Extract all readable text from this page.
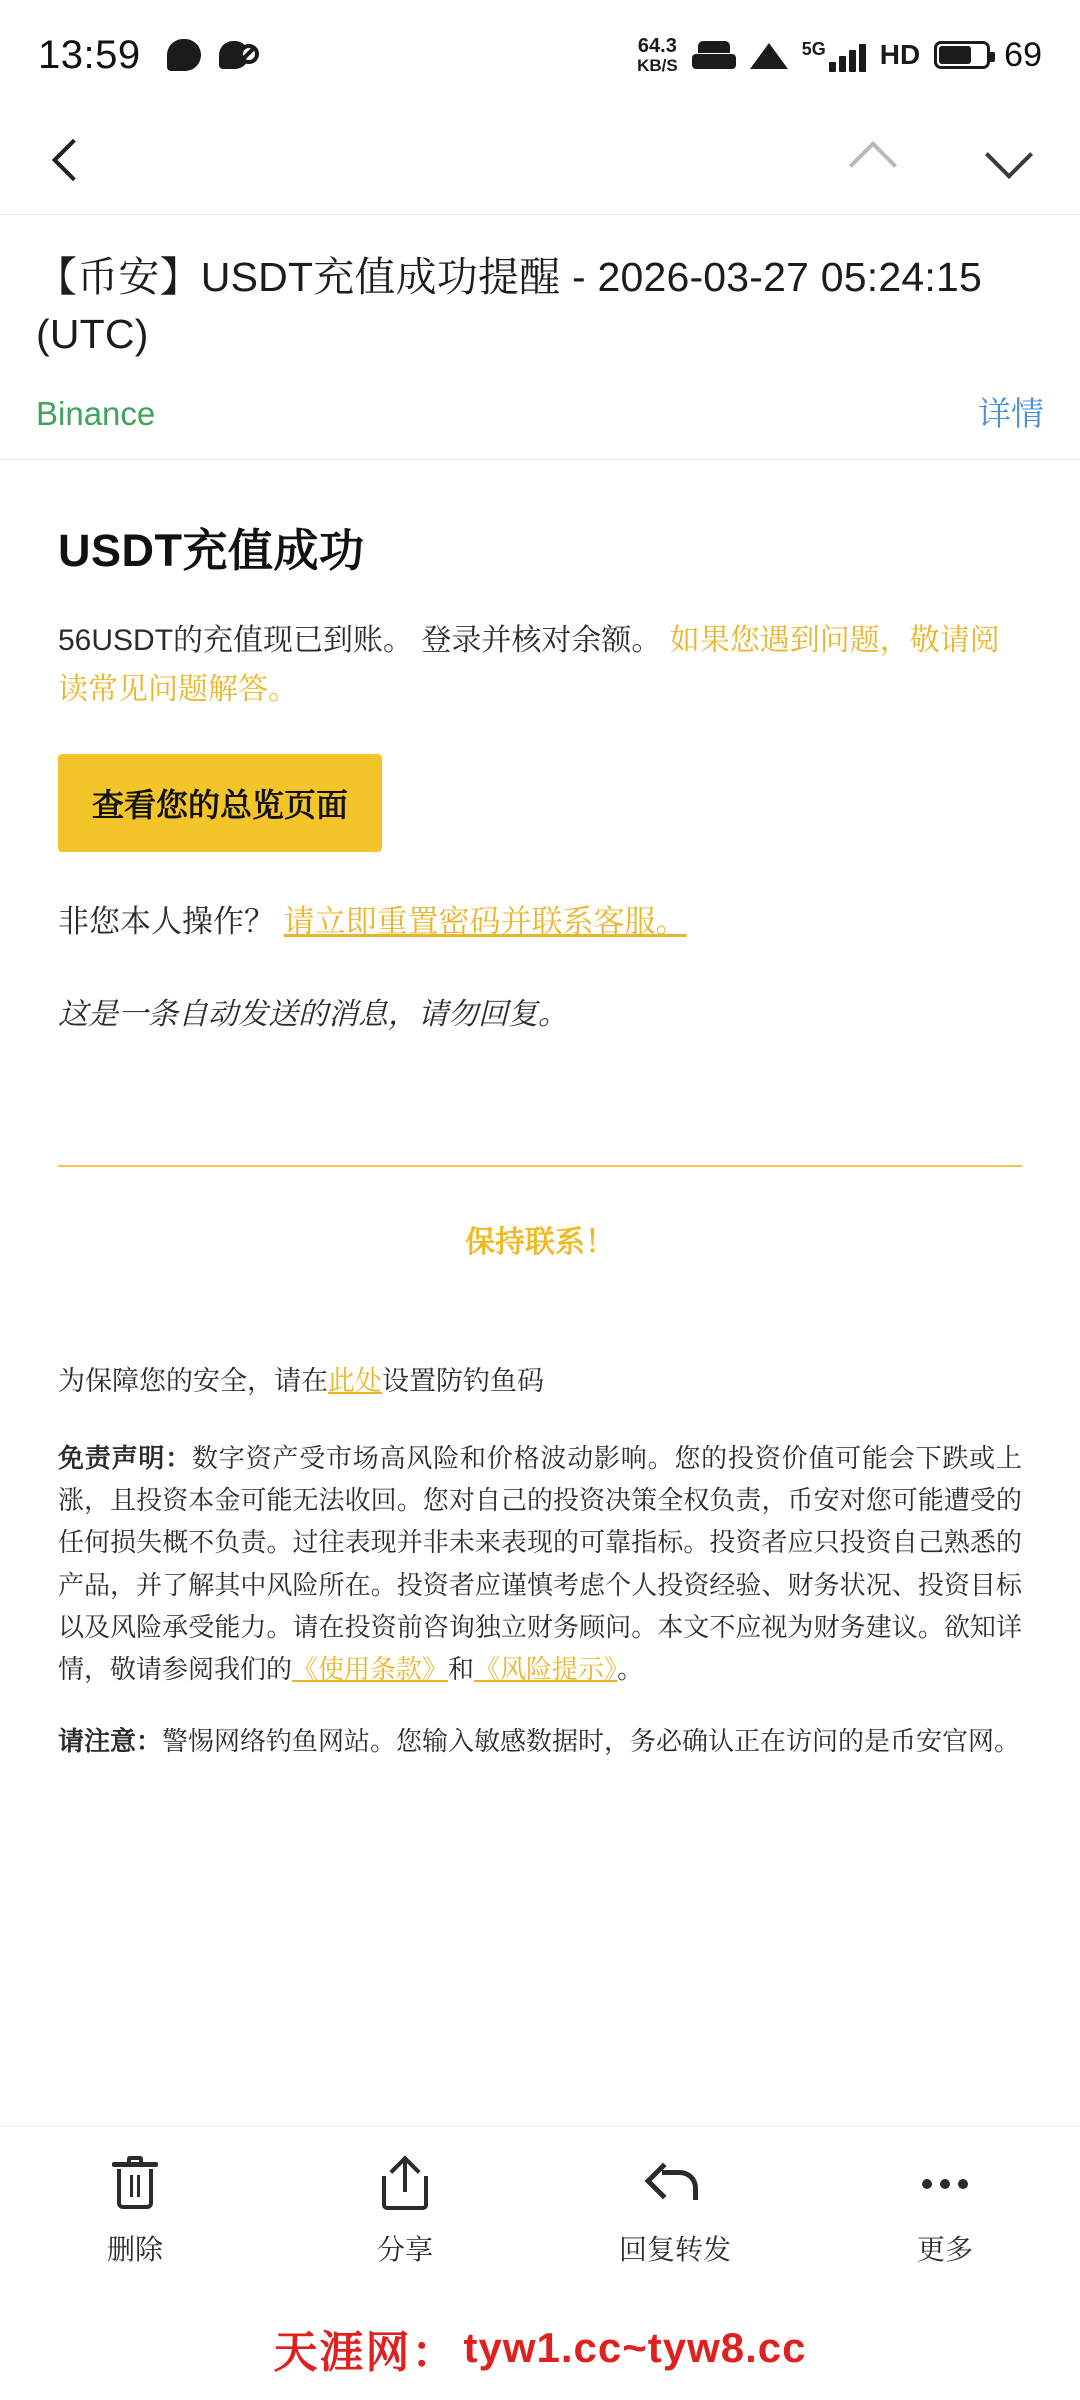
13:59	64.3
KB/S
5G HD 69
【币安】USDT充值成功提醒 - 2026-03-27 05:24:15 (UTC)
Binance	详情
USDT充值成功
56USDT的充值现已到账。 登录并核对余额。 如果您遇到问题，敬请阅读常见问题解答。
查看您的总览页面
非您本人操作？ 请立即重置密码并联系客服。
这是一条自动发送的消息，请勿回复。
保持联系！
为保障您的安全，请在此处设置防钓鱼码
免责声明：数字资产受市场高风险和价格波动影响。您的投资价值可能会下跌或上涨，且投资本金可能无法收回。您对自己的投资决策全权负责，币安对您可能遭受的任何损失概不负责。过往表现并非未来表现的可靠指标。投资者应只投资自己熟悉的产品，并了解其中风险所在。投资者应谨慎考虑个人投资经验、财务状况、投资目标以及风险承受能力。请在投资前咨询独立财务顾问。本文不应视为财务建议。欲知详情，敬请参阅我们的《使用条款》和《风险提示》。
请注意：警惕网络钓鱼网站。您输入敏感数据时，务必确认正在访问的是币安官网。
删除	分享	回复转发	更多
天涯网： tyw1.cc~tyw8.cc
